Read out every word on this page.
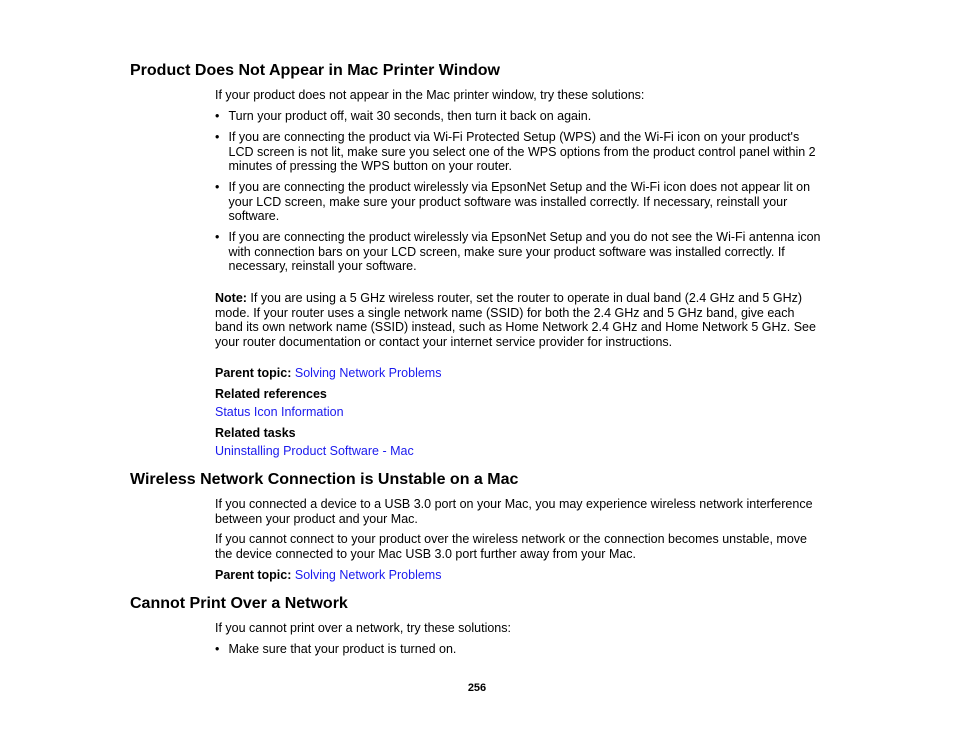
Product Does Not Appear in Mac Printer Window

If your product does not appear in the Mac printer window, try these solutions:

• Turn your product off, wait 30 seconds, then turn it back on again.
• If you are connecting the product via Wi-Fi Protected Setup (WPS) and the Wi-Fi icon on your product's LCD screen is not lit, make sure you select one of the WPS options from the product control panel within 2 minutes of pressing the WPS button on your router.
• If you are connecting the product wirelessly via EpsonNet Setup and the Wi-Fi icon does not appear lit on your LCD screen, make sure your product software was installed correctly. If necessary, reinstall your software.
• If you are connecting the product wirelessly via EpsonNet Setup and you do not see the Wi-Fi antenna icon with connection bars on your LCD screen, make sure your product software was installed correctly. If necessary, reinstall your software.

Note: If you are using a 5 GHz wireless router, set the router to operate in dual band (2.4 GHz and 5 GHz) mode. If your router uses a single network name (SSID) for both the 2.4 GHz and 5 GHz band, give each band its own network name (SSID) instead, such as Home Network 2.4 GHz and Home Network 5 GHz. See your router documentation or contact your internet service provider for instructions.

Parent topic: Solving Network Problems

Related references

Status Icon Information

Related tasks

Uninstalling Product Software - Mac

Wireless Network Connection is Unstable on a Mac

If you connected a device to a USB 3.0 port on your Mac, you may experience wireless network interference between your product and your Mac.

If you cannot connect to your product over the wireless network or the connection becomes unstable, move the device connected to your Mac USB 3.0 port further away from your Mac.

Parent topic: Solving Network Problems

Cannot Print Over a Network

If you cannot print over a network, try these solutions:

• Make sure that your product is turned on.
256
